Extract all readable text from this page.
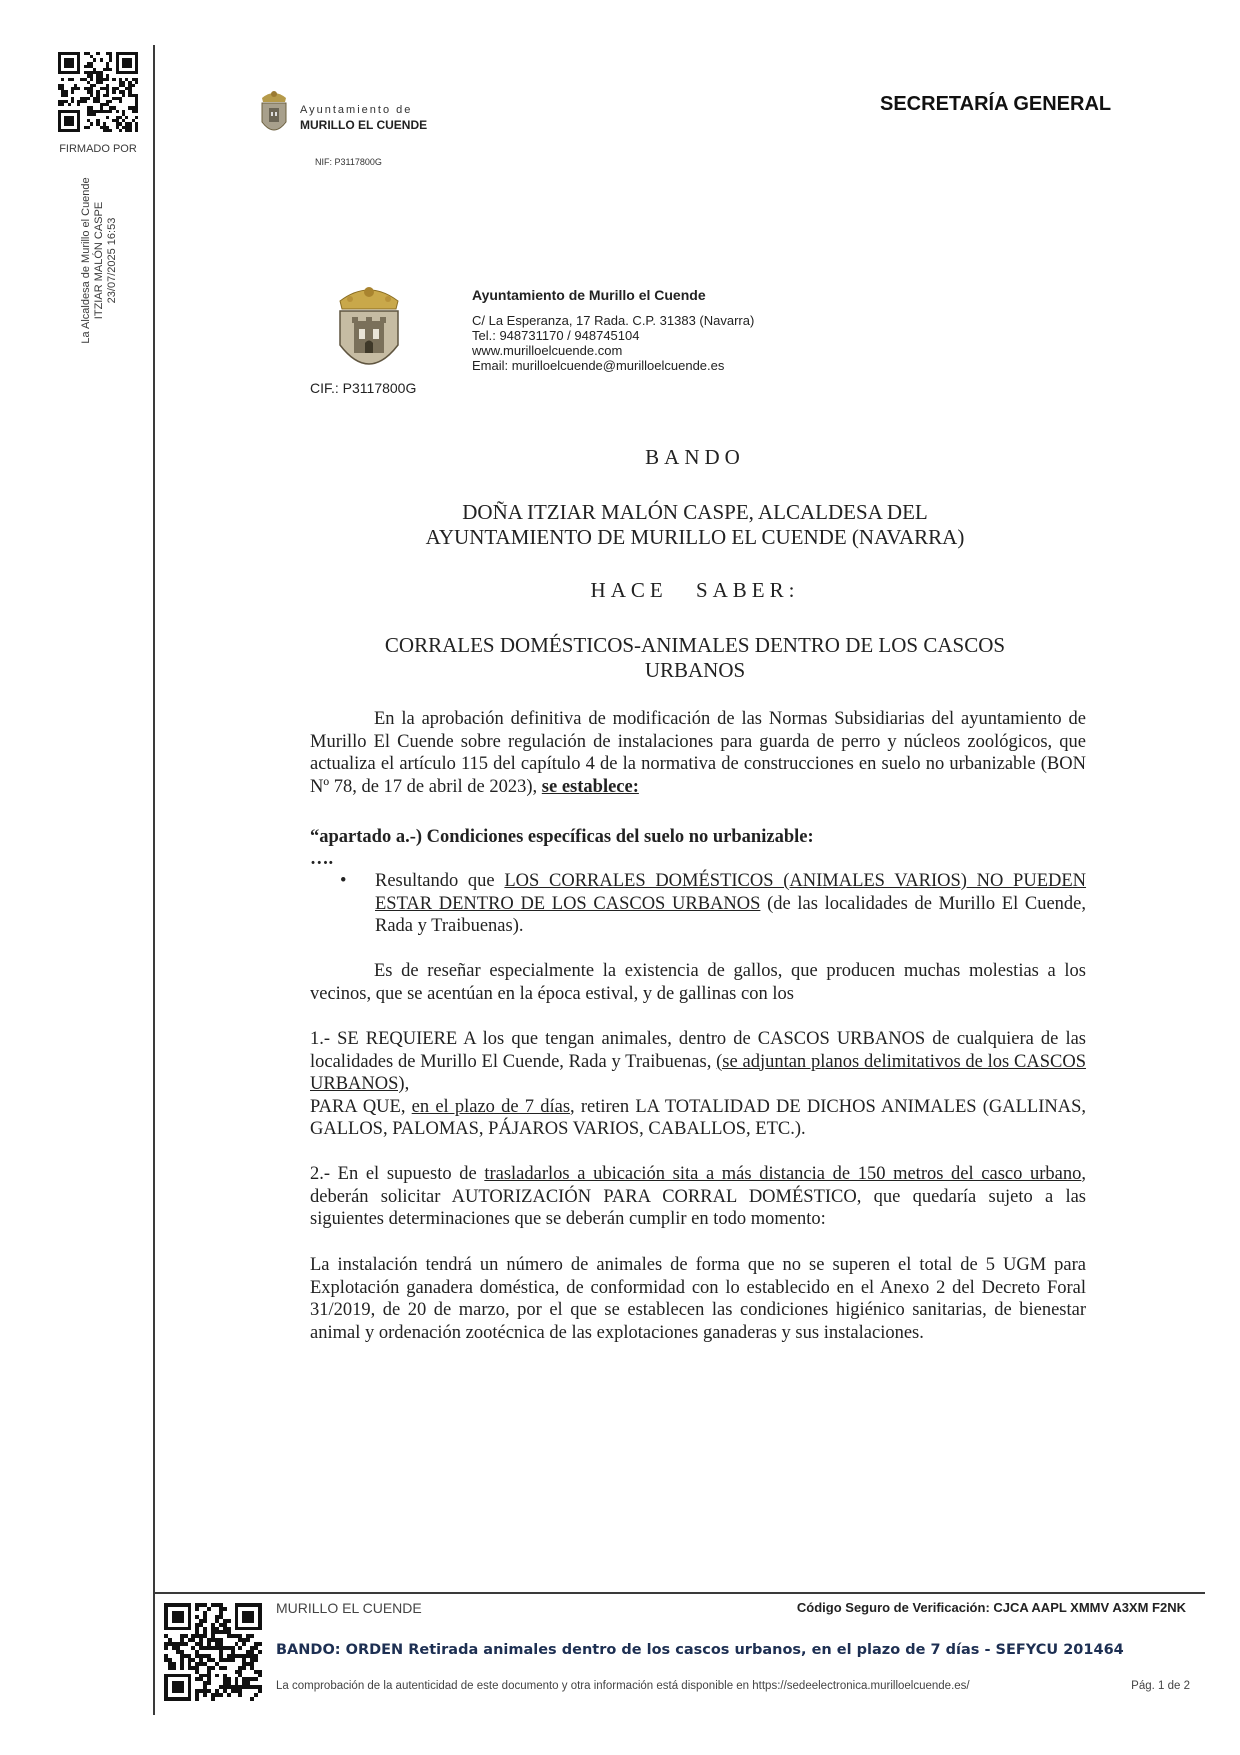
FIRMADO POR
La Alcaldesa de Murillo el Cuende ITZIAR MALÓN CASPE 23/07/2025 16:53
SECRETARÍA GENERAL
Ayuntamiento de
MURILLO EL CUENDE
NIF: P3117800G
CIF.: P3117800G
Ayuntamiento de Murillo el Cuende
C/ La Esperanza, 17 Rada. C.P. 31383 (Navarra)
Tel.: 948731170 / 948745104
www.murilloelcuende.com
Email: murilloelcuende@murilloelcuende.es
BANDO
DOÑA ITZIAR MALÓN CASPE, ALCALDESA DEL
AYUNTAMIENTO DE MURILLO EL CUENDE (NAVARRA)
HACE SABER:
CORRALES DOMÉSTICOS-ANIMALES DENTRO DE LOS CASCOS
URBANOS
En la aprobación definitiva de modificación de las Normas Subsidiarias del ayuntamiento de Murillo El Cuende sobre regulación de instalaciones para guarda de perro y núcleos zoológicos, que actualiza el artículo 115 del capítulo 4 de la normativa de construcciones en suelo no urbanizable (BON Nº 78, de 17 de abril de 2023), se establece:
“apartado a.-) Condiciones específicas del suelo no urbanizable:
….
• Resultando que LOS CORRALES DOMÉSTICOS (ANIMALES VARIOS) NO PUEDEN ESTAR DENTRO DE LOS CASCOS URBANOS (de las localidades de Murillo El Cuende, Rada y Traibuenas).
Es de reseñar especialmente la existencia de gallos, que producen muchas molestias a los vecinos, que se acentúan en la época estival, y de gallinas con los
1.- SE REQUIERE A los que tengan animales, dentro de CASCOS URBANOS de cualquiera de las localidades de Murillo El Cuende, Rada y Traibuenas, (se adjuntan planos delimitativos de los CASCOS URBANOS),
PARA QUE, en el plazo de 7 días, retiren LA TOTALIDAD DE DICHOS ANIMALES (GALLINAS, GALLOS, PALOMAS, PÁJAROS VARIOS, CABALLOS, ETC.).
2.- En el supuesto de trasladarlos a ubicación sita a más distancia de 150 metros del casco urbano, deberán solicitar AUTORIZACIÓN PARA CORRAL DOMÉSTICO, que quedaría sujeto a las siguientes determinaciones que se deberán cumplir en todo momento:
La instalación tendrá un número de animales de forma que no se superen el total de 5 UGM para Explotación ganadera doméstica, de conformidad con lo establecido en el Anexo 2 del Decreto Foral 31/2019, de 20 de marzo, por el que se establecen las condiciones higiénico sanitarias, de bienestar animal y ordenación zootécnica de las explotaciones ganaderas y sus instalaciones.
MURILLO EL CUENDE	Código Seguro de Verificación: CJCA AAPL XMMV A3XM F2NK
BANDO: ORDEN Retirada animales dentro de los cascos urbanos, en el plazo de 7 días - SEFYCU 201464
La comprobación de la autenticidad de este documento y otra información está disponible en https://sedeelectronica.murilloelcuende.es/	Pág. 1 de 2
